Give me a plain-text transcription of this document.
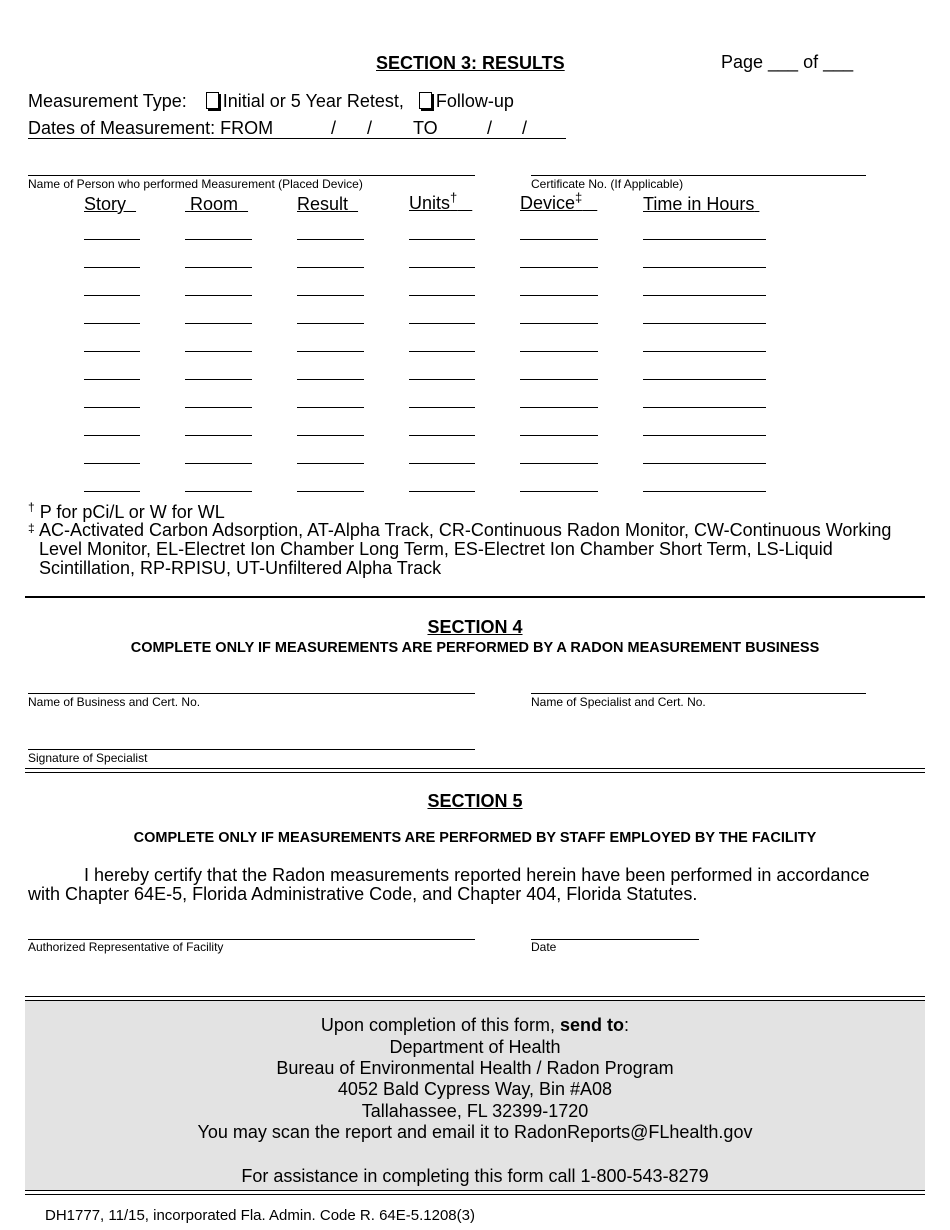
SECTION 3: RESULTS	Page ___ of ___
Measurement Type: Initial or 5 Year Retest, Follow-up
Dates of Measurement: FROM	/ / TO	/ /
Name of Person who performed Measurement (Placed Device)	Certificate No. (If Applicable)
Story	Room	Result	Units†	Device‡	Time in Hours
† P for pCi/L or W for WL
‡ AC-Activated Carbon Adsorption, AT-Alpha Track, CR-Continuous Radon Monitor, CW-Continuous Working Level Monitor, EL-Electret Ion Chamber Long Term, ES-Electret Ion Chamber Short Term, LS-Liquid Scintillation, RP-RPISU, UT-Unfiltered Alpha Track
SECTION 4
COMPLETE ONLY IF MEASUREMENTS ARE PERFORMED BY A RADON MEASUREMENT BUSINESS
Name of Business and Cert. No.	Name of Specialist and Cert. No.
Signature of Specialist
SECTION 5
COMPLETE ONLY IF MEASUREMENTS ARE PERFORMED BY STAFF EMPLOYED BY THE FACILITY
I hereby certify that the Radon measurements reported herein have been performed in accordance
with Chapter 64E-5, Florida Administrative Code, and Chapter 404, Florida Statutes.
Authorized Representative of Facility	Date
Upon completion of this form, send to:
Department of Health
Bureau of Environmental Health / Radon Program
4052 Bald Cypress Way, Bin #A08
Tallahassee, FL 32399-1720
You may scan the report and email it to RadonReports@FLhealth.gov
For assistance in completing this form call 1-800-543-8279
DH1777, 11/15, incorporated Fla. Admin. Code R. 64E-5.1208(3)
